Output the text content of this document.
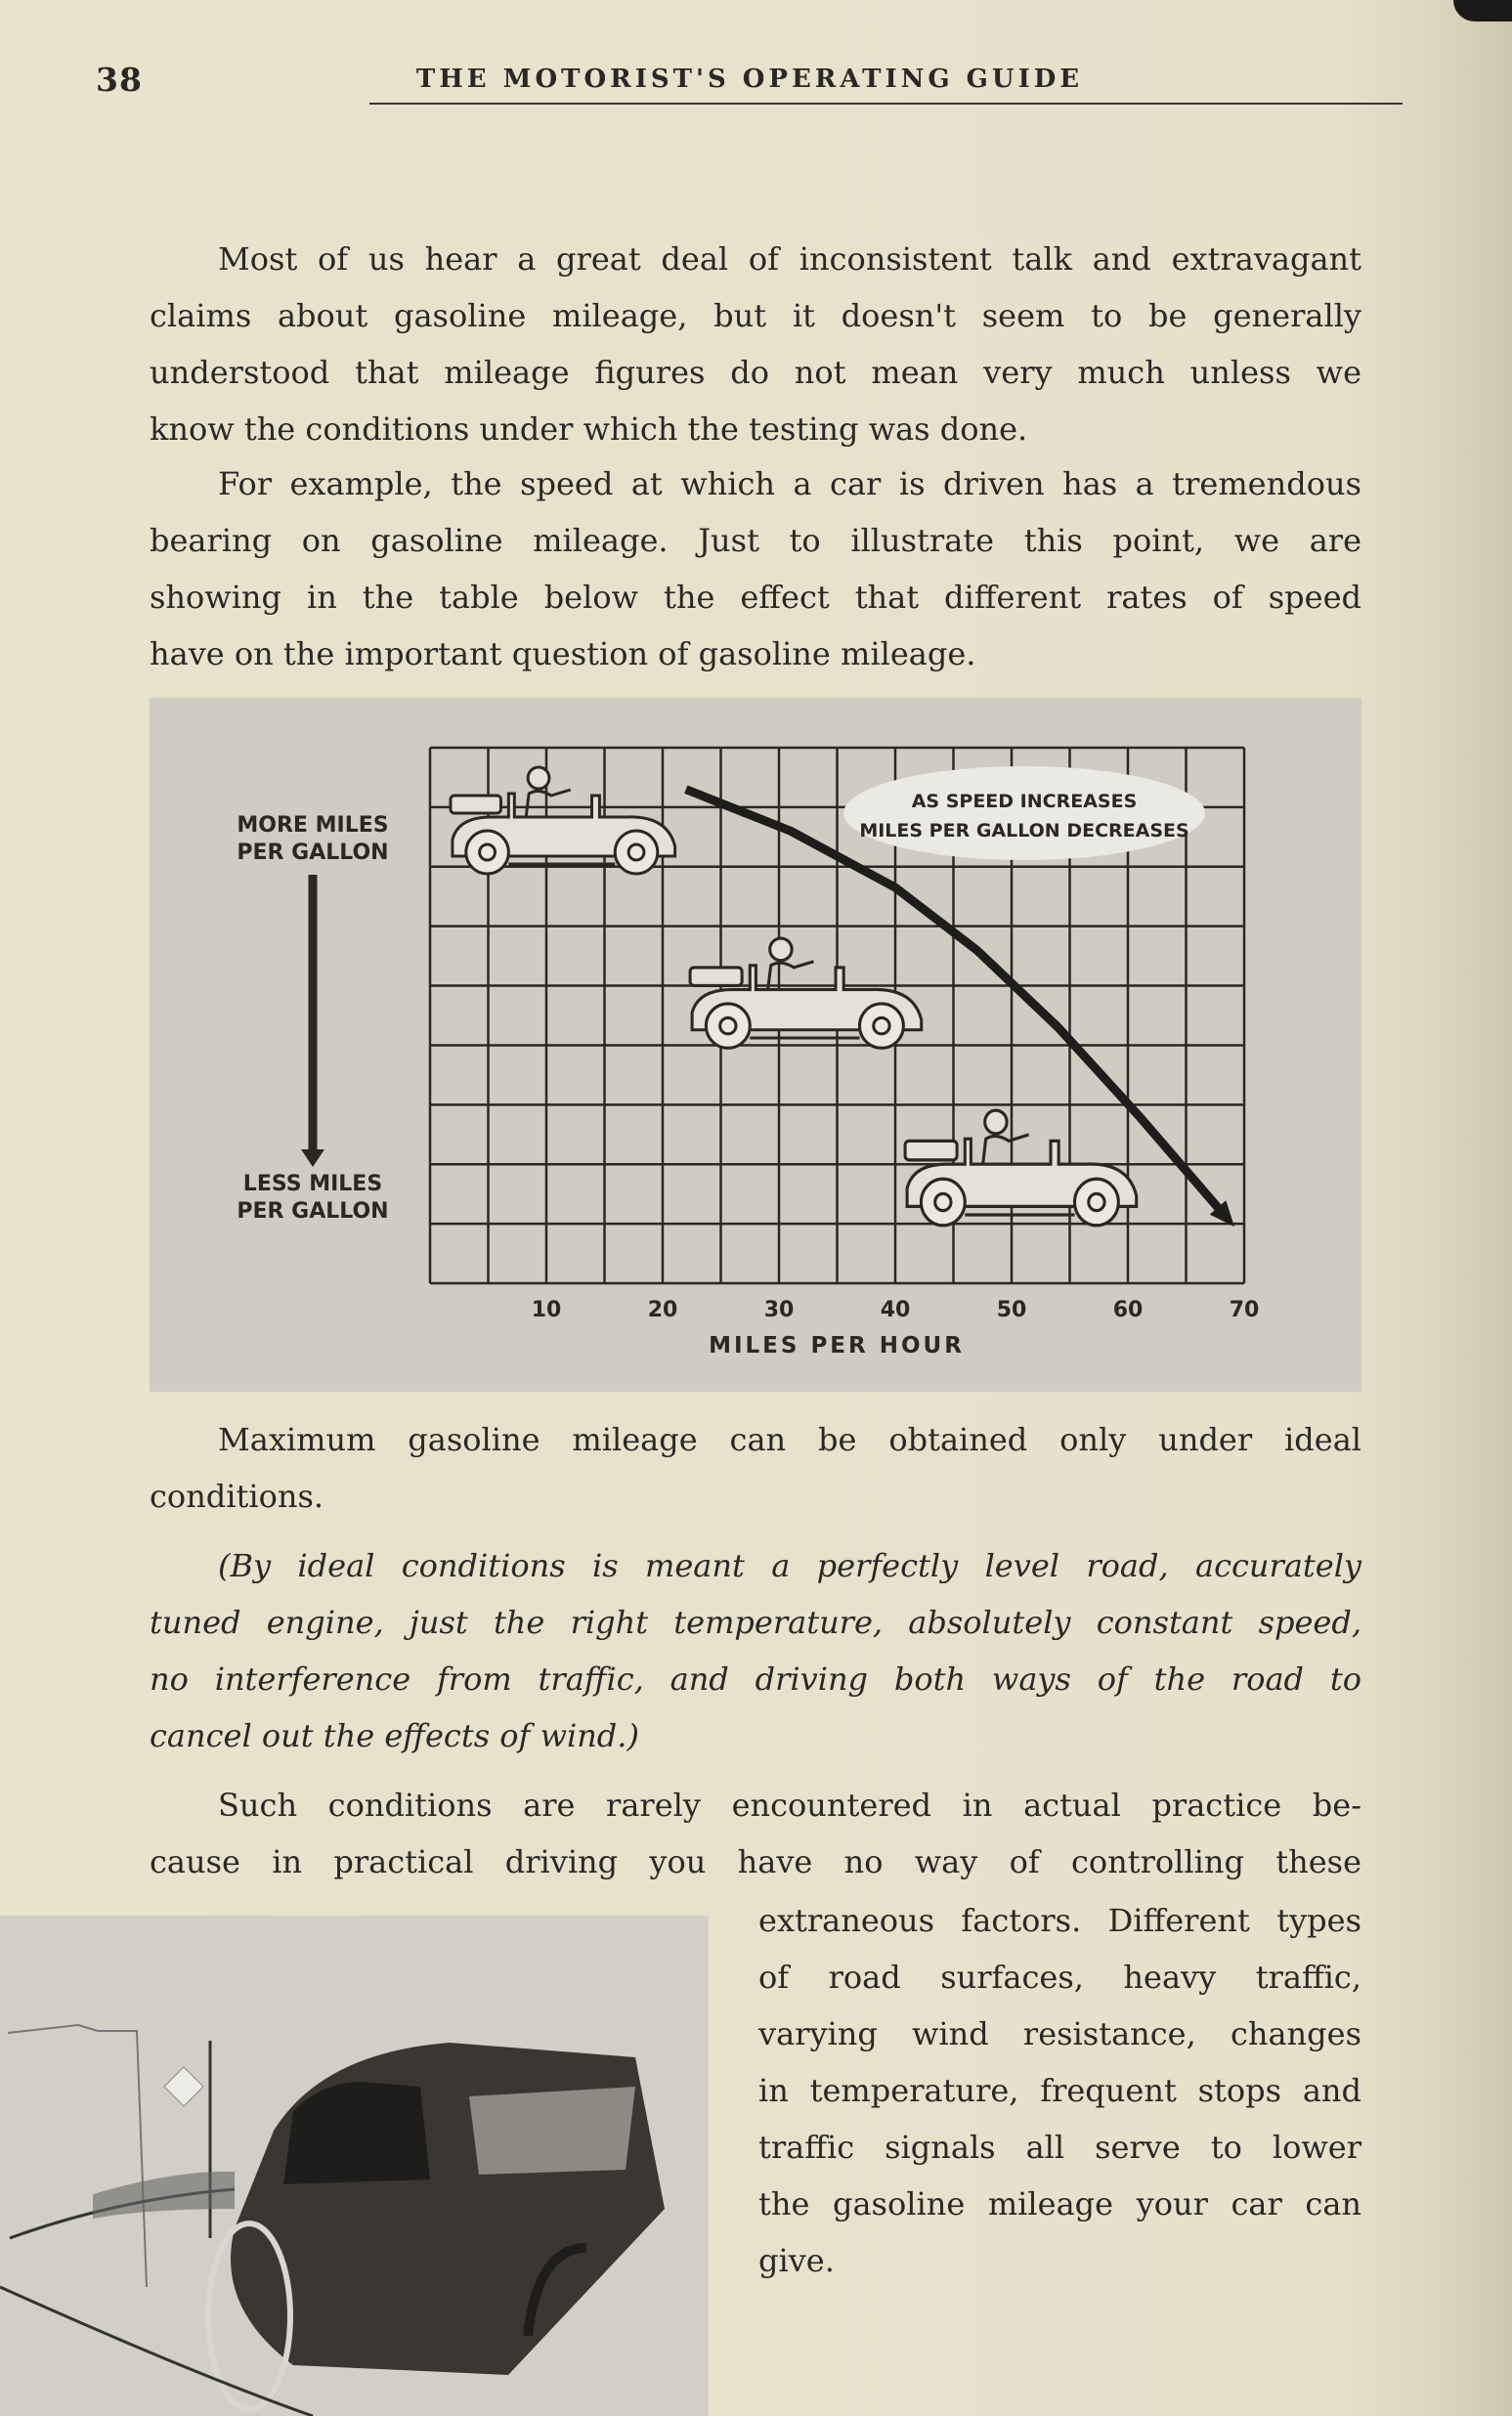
38	THE MOTORIST'S OPERATING GUIDE
Most of us hear a great deal of inconsistent talk and extravagant
claims about gasoline mileage, but it doesn't seem to be generally
understood that mileage figures do not mean very much unless we
know the conditions under which the testing was done.
For example, the speed at which a car is driven has a tremendous
bearing on gasoline mileage. Just to illustrate this point, we are
showing in the table below the effect that different rates of speed
have on the important question of gasoline mileage.
AS SPEED INCREASES
MILES PER GALLON DECREASES
MORE MILES
PER GALLON
LESS MILES
PER GALLON
10	20	30	40	50	60	70
MILES PER HOUR
Maximum gasoline mileage can be obtained only under ideal
conditions.
(By ideal conditions is meant a perfectly level road, accurately
tuned engine, just the right temperature, absolutely constant speed,
no interference from traffic, and driving both ways of the road to
cancel out the effects of wind.)
Such conditions are rarely encountered in actual practice be-
cause in practical driving you have no way of controlling these
extraneous factors. Different types
of road surfaces, heavy traffic,
varying wind resistance, changes
in temperature, frequent stops and
traffic signals all serve to lower
the gasoline mileage your car can
give.
